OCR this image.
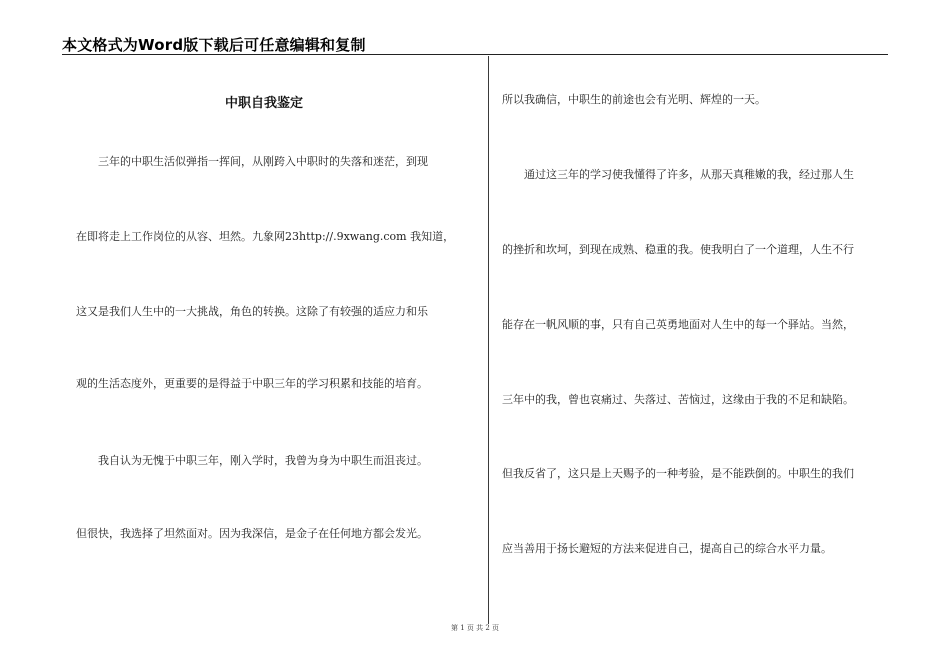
本文格式为Word版下载后可任意编辑和复制
中职自我鉴定
　　三年的中职生活似弹指一挥间，从刚跨入中职时的失落和迷茫，到现
在即将走上工作岗位的从容、坦然。九象网23http://.9xwang.com 我知道，
这又是我们人生中的一大挑战，角色的转换。这除了有较强的适应力和乐
观的生活态度外，更重要的是得益于中职三年的学习积累和技能的培育。
　　我自认为无愧于中职三年，刚入学时，我曾为身为中职生而沮丧过。
但很快，我选择了坦然面对。因为我深信，是金子在任何地方都会发光。
所以我确信，中职生的前途也会有光明、辉煌的一天。
　　通过这三年的学习使我懂得了许多，从那天真稚嫩的我，经过那人生
的挫折和坎坷，到现在成熟、稳重的我。使我明白了一个道理，人生不行
能存在一帆风顺的事，只有自己英勇地面对人生中的每一个驿站。当然，
三年中的我，曾也哀痛过、失落过、苦恼过，这缘由于我的不足和缺陷。
但我反省了，这只是上天赐予的一种考验，是不能跌倒的。中职生的我们
应当善用于扬长避短的方法来促进自己，提高自己的综合水平力量。
第 1 页 共 2 页
